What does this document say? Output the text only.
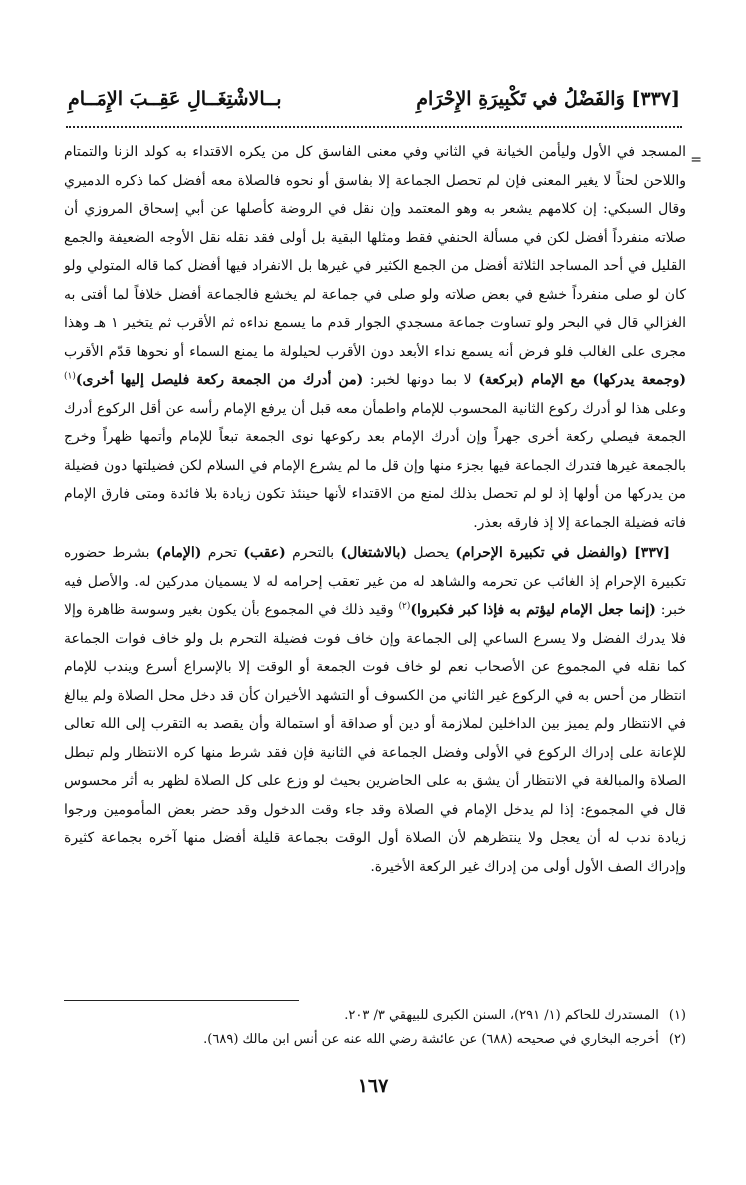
[٣٣٧] وَالفَضْلُ في تَكْبِيرَةِ الإِحْرَامِ
بــالاشْتِغَــالِ عَقِــبَ الإِمَــامِ
=

المسجد في الأول وليأمن الخيانة في الثاني وفي معنى الفاسق كل من يكره الاقتداء به كولد الزنا والتمتام واللاحن لحناً لا يغير المعنى فإن لم تحصل الجماعة إلا بفاسق أو نحوه فالصلاة معه أفضل كما ذكره الدميري وقال السبكي: إن كلامهم يشعر به وهو المعتمد وإن نقل في الروضة كأصلها عن أبي إسحاق المروزي أن صلاته منفرداً أفضل لكن في مسألة الحنفي فقط ومثلها البقية بل أولى فقد نقله نقل الأوجه الضعيفة والجمع القليل في أحد المساجد الثلاثة أفضل من الجمع الكثير في غيرها بل الانفراد فيها أفضل كما قاله المتولي ولو كان لو صلى منفرداً خشع في بعض صلاته ولو صلى في جماعة لم يخشع فالجماعة أفضل خلافاً لما أفتى به الغزالي قال في البحر ولو تساوت جماعة مسجدي الجوار قدم ما يسمع نداءه ثم الأقرب ثم يتخير ١ هـ وهذا مجرى على الغالب فلو فرض أنه يسمع نداء الأبعد دون الأقرب لحيلولة ما يمنع السماء أو نحوها قدّم الأقرب (وجمعة يدركها) مع الإمام (بركعة) لا بما دونها لخبر: (من أدرك من الجمعة ركعة فليصل إليها أخرى)$^{(١)}$ وعلى هذا لو أدرك ركوع الثانية المحسوب للإمام واطمأن معه قبل أن يرفع الإمام رأسه عن أقل الركوع أدرك الجمعة فيصلي ركعة أخرى جهراً وإن أدرك الإمام بعد ركوعها نوى الجمعة تبعاً للإمام وأتمها ظهراً وخرج بالجمعة غيرها فتدرك الجماعة فيها بجزء منها وإن قل ما لم يشرع الإمام في السلام لكن فضيلتها دون فضيلة من يدركها من أولها إذ لو لم تحصل بذلك لمنع من الاقتداء لأنها حينئذ تكون زيادة بلا فائدة ومتى فارق الإمام فاته فضيلة الجماعة إلا إذ فارقه بعذر.

[٣٣٧] (والفضل في تكبيرة الإحرام) يحصل (بالاشتغال) بالتحرم (عقب) تحرم (الإمام) بشرط حضوره تكبيرة الإحرام إذ الغائب عن تحرمه والشاهد له من غير تعقب إحرامه له لا يسميان مدركين له. والأصل فيه خبر: (إنما جعل الإمام ليؤتم به فإذا كبر فكبروا)$^{(٢)}$ وقيد ذلك في المجموع بأن يكون بغير وسوسة ظاهرة وإلا فلا يدرك الفضل ولا يسرع الساعي إلى الجماعة وإن خاف فوت فضيلة التحرم بل ولو خاف فوات الجماعة كما نقله في المجموع عن الأصحاب نعم لو خاف فوت الجمعة أو الوقت إلا بالإسراع أسرع ويندب للإمام انتظار من أحس به في الركوع غير الثاني من الكسوف أو التشهد الأخيران كأن قد دخل محل الصلاة ولم يبالغ في الانتظار ولم يميز بين الداخلين لملازمة أو دين أو صداقة أو استمالة وأن يقصد به التقرب إلى الله تعالى للإعانة على إدراك الركوع في الأولى وفضل الجماعة في الثانية فإن فقد شرط منها كره الانتظار ولم تبطل الصلاة والمبالغة في الانتظار أن يشق به على الحاضرين بحيث لو وزع على كل الصلاة لظهر به أثر محسوس قال في المجموع: إذا لم يدخل الإمام في الصلاة وقد جاء وقت الدخول وقد حضر بعض المأمومين ورجوا زيادة ندب له أن يعجل ولا ينتظرهم لأن الصلاة أول الوقت بجماعة قليلة أفضل منها آخره بجماعة كثيرة وإدراك الصف الأول أولى من إدراك غير الركعة الأخيرة.

(١)
المستدرك للحاكم (١/ ٢٩١)، السنن الكبرى للبيهقي ٣/ ٢٠٣.

(٢)
أخرجه البخاري في صحيحه (٦٨٨) عن عائشة رضي الله عنه عن أنس ابن مالك (٦٨٩).

١٦٧
